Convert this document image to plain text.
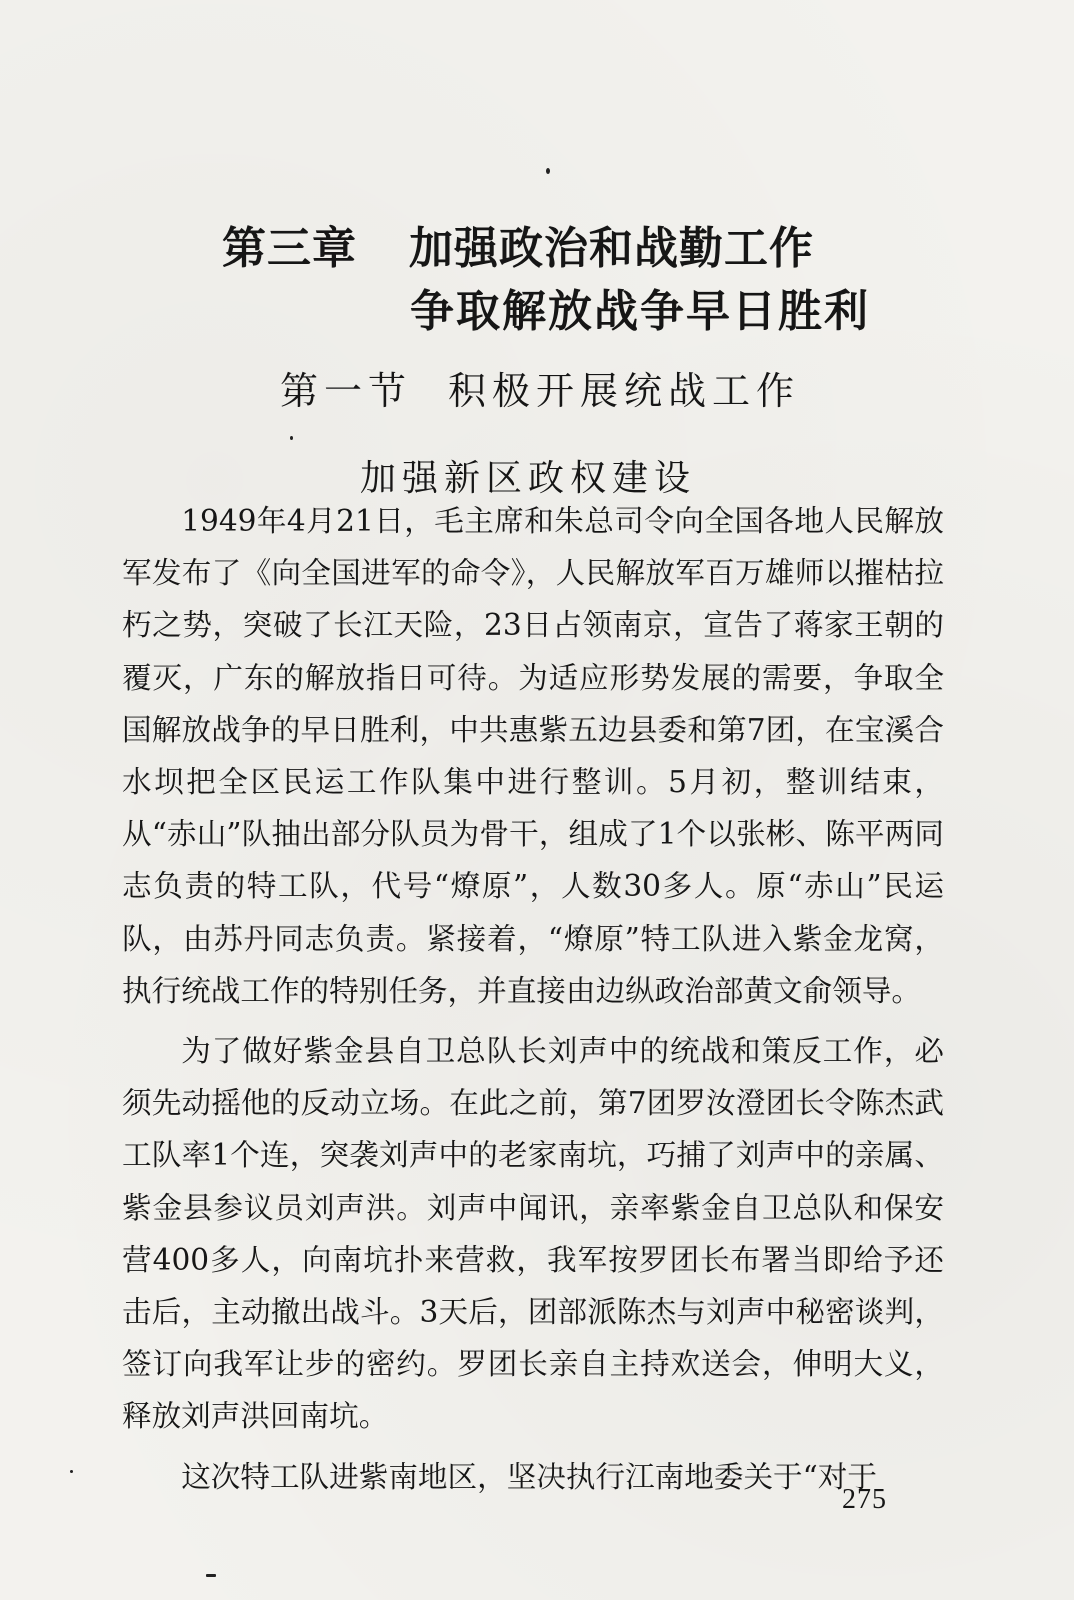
第三章 加强政治和战勤工作
争取解放战争早日胜利
第一节 积极开展统战工作
加强新区政权建设

1949年4月21日，毛主席和朱总司令向全国各地人民解放军发布了《向全国进军的命令》，人民解放军百万雄师以摧枯拉朽之势，突破了长江天险，23日占领南京，宣告了蒋家王朝的覆灭，广东的解放指日可待。为适应形势发展的需要，争取全国解放战争的早日胜利，中共惠紫五边县委和第7团，在宝溪合水坝把全区民运工作队集中进行整训。5月初，整训结束，从“赤山”队抽出部分队员为骨干，组成了1个以张彬、陈平两同志负责的特工队，代号“燎原”，人数30多人。原“赤山”民运队，由苏丹同志负责。紧接着，“燎原”特工队进入紫金龙窝，执行统战工作的特别任务，并直接由边纵政治部黄文俞领导。

为了做好紫金县自卫总队长刘声中的统战和策反工作，必须先动摇他的反动立场。在此之前，第7团罗汝澄团长令陈杰武工队率1个连，突袭刘声中的老家南坑，巧捕了刘声中的亲属、紫金县参议员刘声洪。刘声中闻讯，亲率紫金自卫总队和保安营400多人，向南坑扑来营救，我军按罗团长布署当即给予还击后，主动撤出战斗。3天后，团部派陈杰与刘声中秘密谈判，签订向我军让步的密约。罗团长亲自主持欢送会，伸明大义，释放刘声洪回南坑。

这次特工队进紫南地区，坚决执行江南地委关于“对于

275
